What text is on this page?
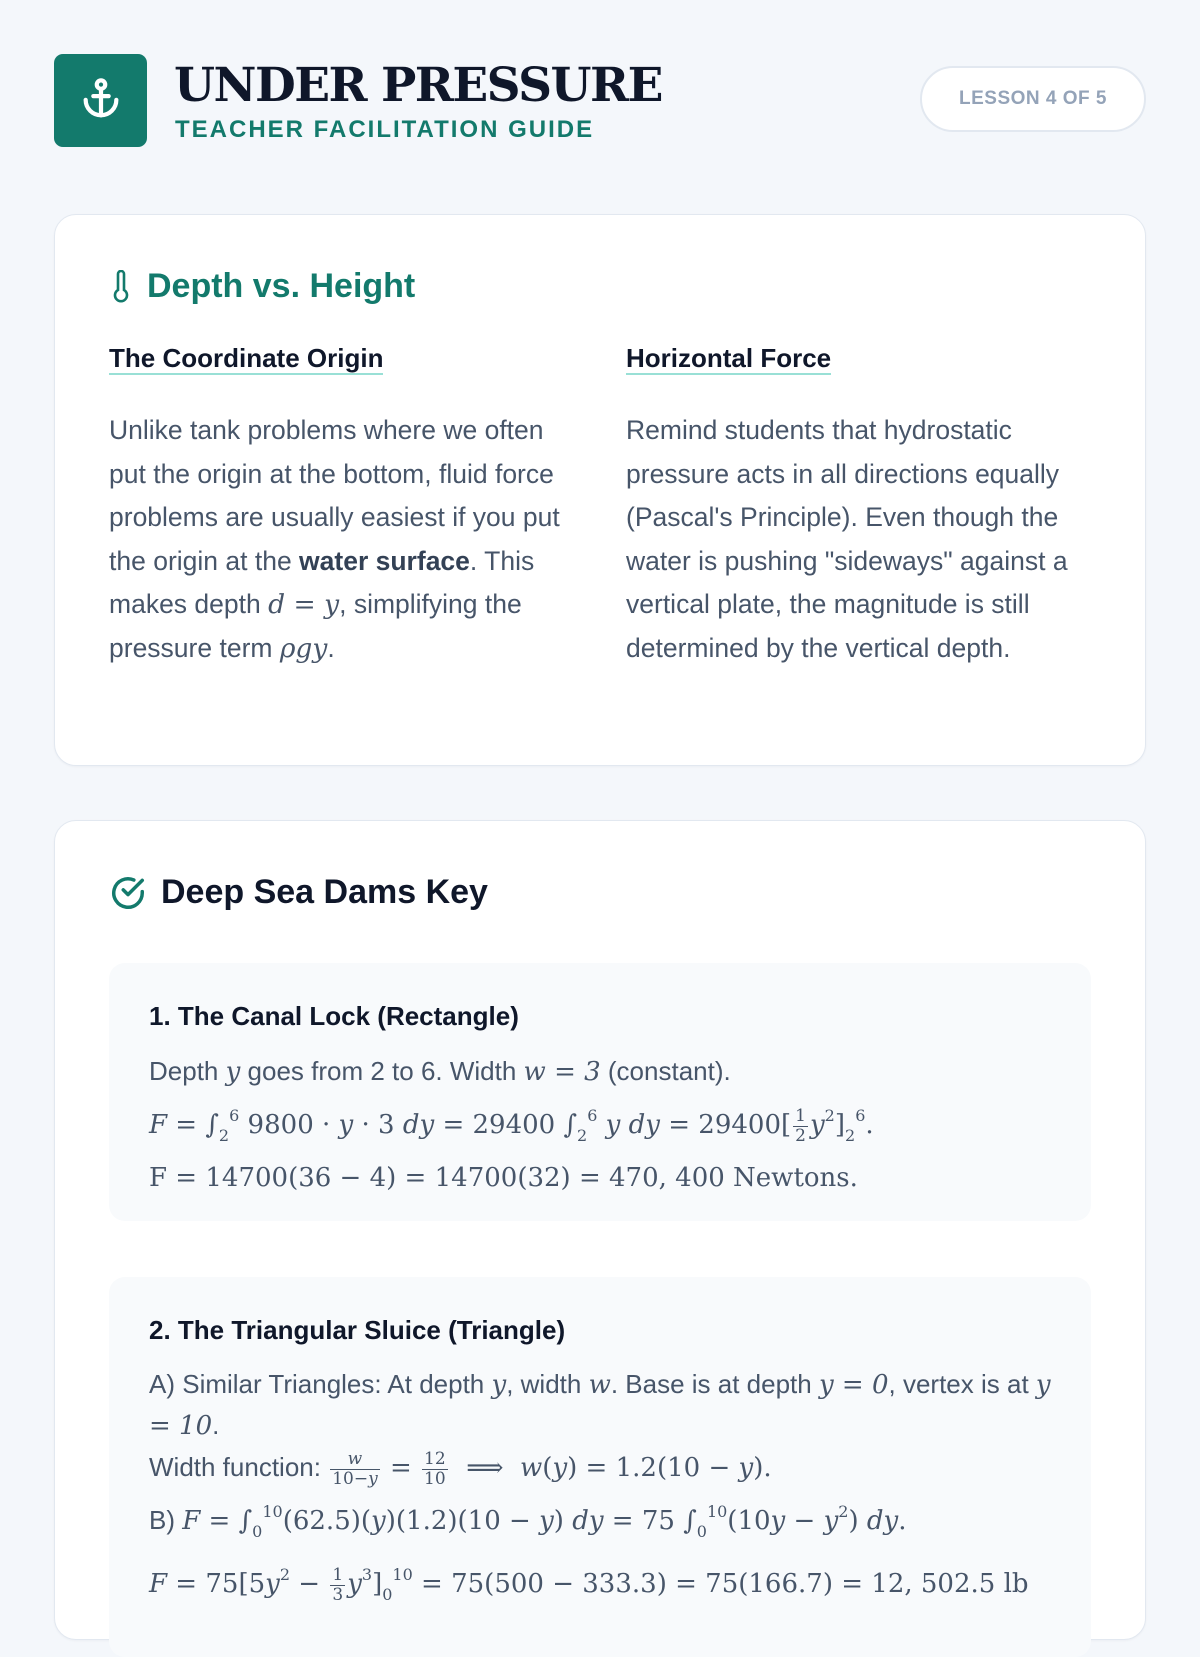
UNDER PRESSURE
TEACHER FACILITATION GUIDE
LESSON 4 OF 5
Depth vs. Height
The Coordinate Origin
Unlike tank problems where we often put the origin at the bottom, fluid force problems are usually easiest if you put the origin at the water surface. This makes depth d = y, simplifying the pressure term ρgy.
Horizontal Force
Remind students that hydrostatic pressure acts in all directions equally (Pascal's Principle). Even though the water is pushing "sideways" against a vertical plate, the magnitude is still determined by the vertical depth.
Deep Sea Dams Key
1. The Canal Lock (Rectangle)
Depth y goes from 2 to 6. Width w = 3 (constant).
$F = \int_2^6$ 9800 · y · 3 dy = 29400 $\int_2^6$ y dy = $29400[ \frac{1}{2} y^2]_2^6$.
F = 14700(36 − 4) = 14700(32) = 470, 400 Newtons.
2. The Triangular Sluice (Triangle)
A) Similar Triangles: At depth y, width w. Base is at depth y = 0, vertex is at y = 10.
Width function: $\frac{w}{10-y} = \frac{12}{10}$ ⟹  w(y) = 1.2(10 − y).
B) $F = \int_0^{10}(62.5)(y)(1.2)(10 - y)$ dy = 75 $\int_0^{10}(10y - y^2)$ dy.
$F = 75[5y^2 - \frac{1}{3} y^3]_0^{10} = 75(500 - 333.3) = 75(166.7) = 12$, 502.5 lb
